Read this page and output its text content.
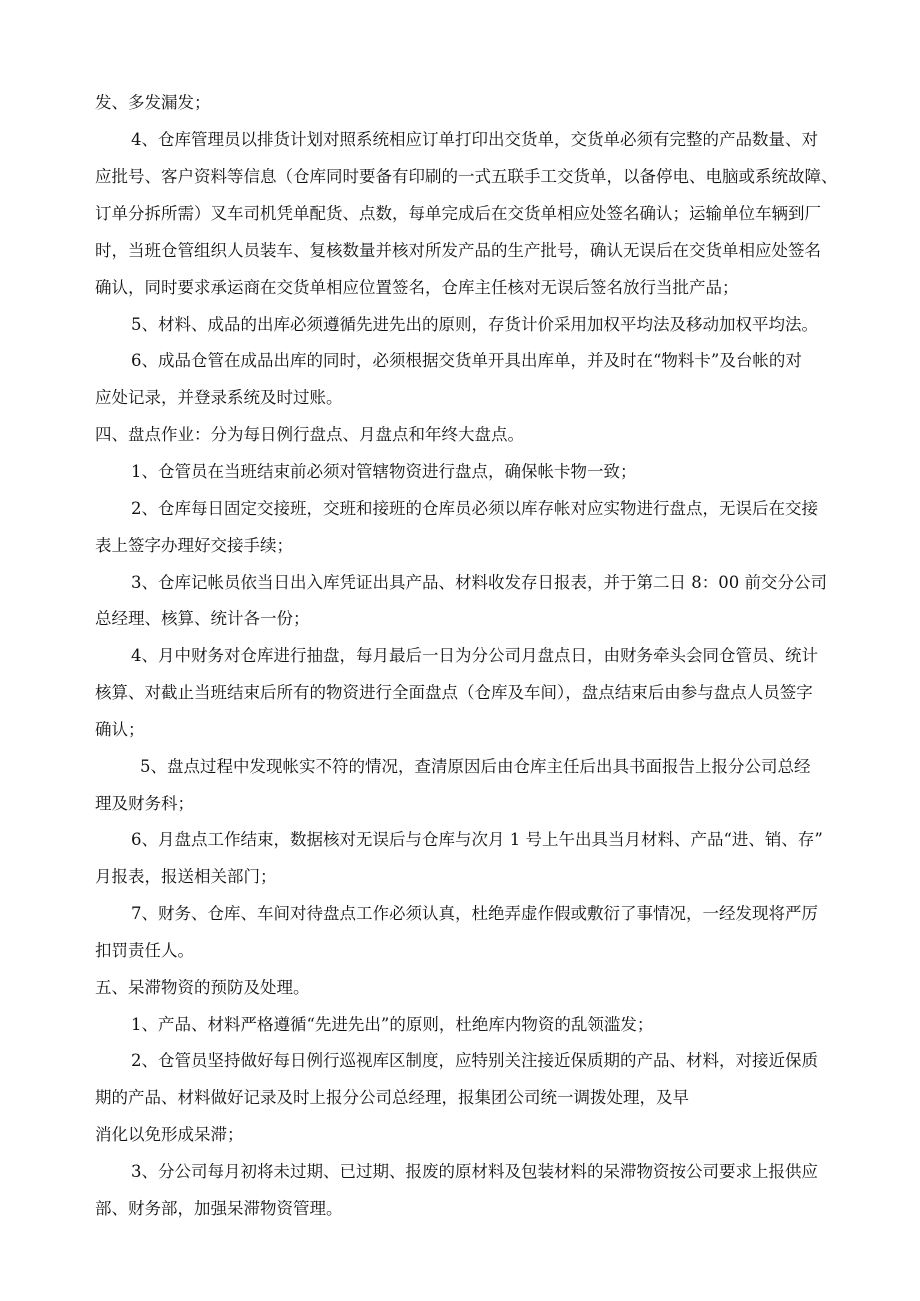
发、多发漏发；
4、仓库管理员以排货计划对照系统相应订单打印出交货单，交货单必须有完整的产品数量、对
应批号、客户资料等信息（仓库同时要备有印刷的一式五联手工交货单，以备停电、电脑或系统故障、
订单分拆所需）叉车司机凭单配货、点数，每单完成后在交货单相应处签名确认；运输单位车辆到厂
时，当班仓管组织人员装车、复核数量并核对所发产品的生产批号，确认无误后在交货单相应处签名
确认，同时要求承运商在交货单相应位置签名，仓库主任核对无误后签名放行当批产品；
5、材料、成品的出库必须遵循先进先出的原则，存货计价采用加权平均法及移动加权平均法。
6、成品仓管在成品出库的同时，必须根据交货单开具出库单，并及时在“物料卡”及台帐的对
应处记录，并登录系统及时过账。
四、盘点作业：分为每日例行盘点、月盘点和年终大盘点。
1、仓管员在当班结束前必须对管辖物资进行盘点，确保帐卡物一致；
2、仓库每日固定交接班，交班和接班的仓库员必须以库存帐对应实物进行盘点，无误后在交接
表上签字办理好交接手续；
3、仓库记帐员依当日出入库凭证出具产品、材料收发存日报表，并于第二日 8：00 前交分公司
总经理、核算、统计各一份；
4、月中财务对仓库进行抽盘，每月最后一日为分公司月盘点日，由财务牵头会同仓管员、统计
核算、对截止当班结束后所有的物资进行全面盘点（仓库及车间），盘点结束后由参与盘点人员签字
确认；
5、盘点过程中发现帐实不符的情况，查清原因后由仓库主任后出具书面报告上报分公司总经
理及财务科；
6、月盘点工作结束，数据核对无误后与仓库与次月 1 号上午出具当月材料、产品“进、销、存”
月报表，报送相关部门；
7、财务、仓库、车间对待盘点工作必须认真，杜绝弄虚作假或敷衍了事情况，一经发现将严厉
扣罚责任人。
五、呆滞物资的预防及处理。
1、产品、材料严格遵循“先进先出”的原则，杜绝库内物资的乱领滥发；
2、仓管员坚持做好每日例行巡视库区制度，应特别关注接近保质期的产品、材料，对接近保质
期的产品、材料做好记录及时上报分公司总经理，报集团公司统一调拨处理，及早
消化以免形成呆滞；
3、分公司每月初将未过期、已过期、报废的原材料及包装材料的呆滞物资按公司要求上报供应
部、财务部，加强呆滞物资管理。
